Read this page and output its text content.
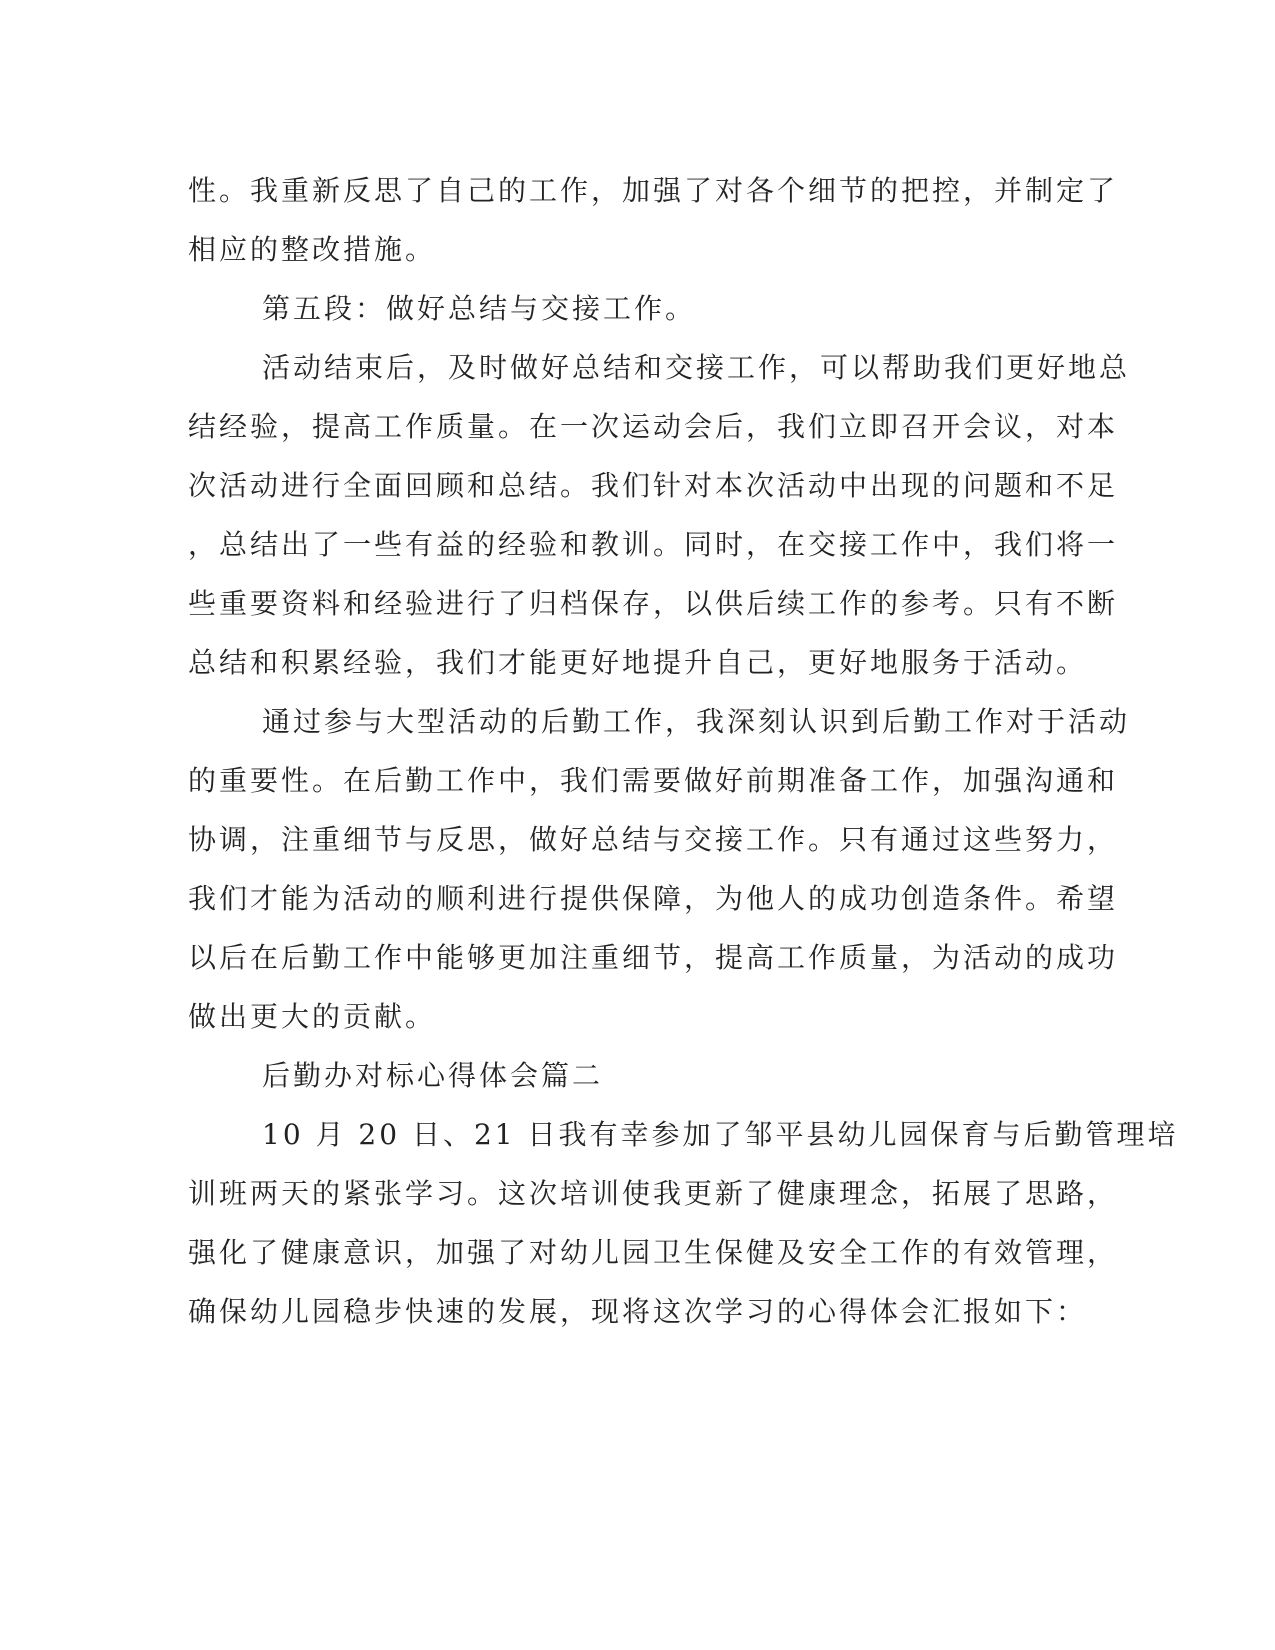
性。我重新反思了自己的工作，加强了对各个细节的把控，并制定了
相应的整改措施。
第五段：做好总结与交接工作。
活动结束后，及时做好总结和交接工作，可以帮助我们更好地总
结经验，提高工作质量。在一次运动会后，我们立即召开会议，对本
次活动进行全面回顾和总结。我们针对本次活动中出现的问题和不足
，总结出了一些有益的经验和教训。同时，在交接工作中，我们将一
些重要资料和经验进行了归档保存，以供后续工作的参考。只有不断
总结和积累经验，我们才能更好地提升自己，更好地服务于活动。
通过参与大型活动的后勤工作，我深刻认识到后勤工作对于活动
的重要性。在后勤工作中，我们需要做好前期准备工作，加强沟通和
协调，注重细节与反思，做好总结与交接工作。只有通过这些努力，
我们才能为活动的顺利进行提供保障，为他人的成功创造条件。希望
以后在后勤工作中能够更加注重细节，提高工作质量，为活动的成功
做出更大的贡献。
后勤办对标心得体会篇二
10 月 20 日、21 日我有幸参加了邹平县幼儿园保育与后勤管理培
训班两天的紧张学习。这次培训使我更新了健康理念，拓展了思路，
强化了健康意识，加强了对幼儿园卫生保健及安全工作的有效管理，
确保幼儿园稳步快速的发展，现将这次学习的心得体会汇报如下：
